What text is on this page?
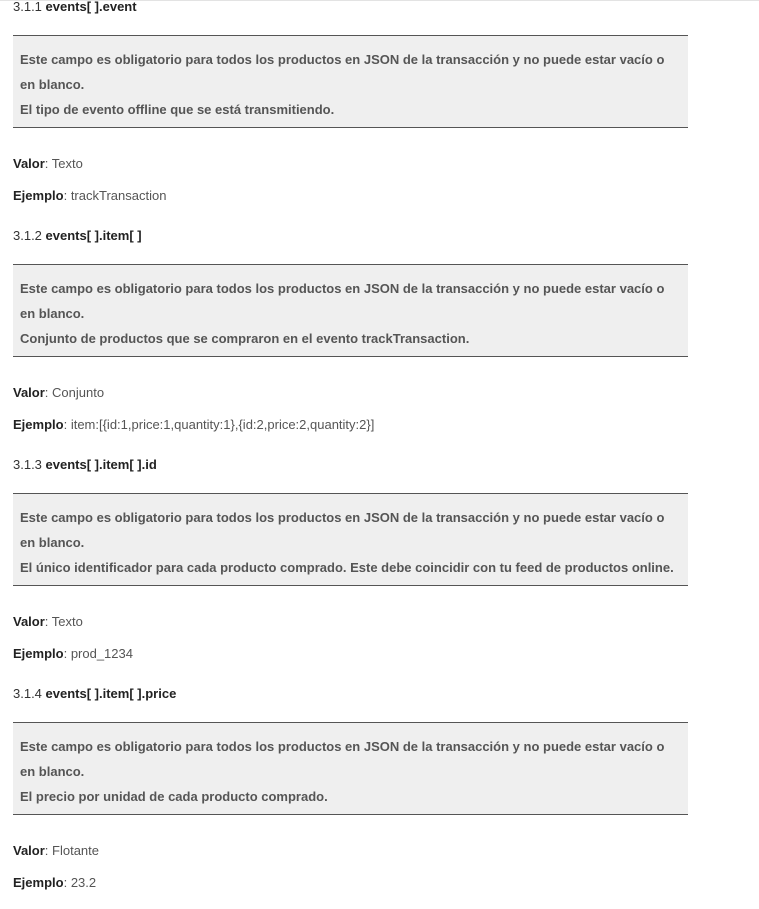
3.1.1 events[ ].event
Este campo es obligatorio para todos los productos en JSON de la transacción y no puede estar vacío o en blanco.
El tipo de evento offline que se está transmitiendo.
Valor: Texto
Ejemplo: trackTransaction
3.1.2 events[ ].item[ ]
Este campo es obligatorio para todos los productos en JSON de la transacción y no puede estar vacío o en blanco.
Conjunto de productos que se compraron en el evento trackTransaction.
Valor: Conjunto
Ejemplo: item:[{id:1,price:1,quantity:1},{id:2,price:2,quantity:2}]
3.1.3 events[ ].item[ ].id
Este campo es obligatorio para todos los productos en JSON de la transacción y no puede estar vacío o en blanco.
El único identificador para cada producto comprado. Este debe coincidir con tu feed de productos online.
Valor: Texto
Ejemplo: prod_1234
3.1.4 events[ ].item[ ].price
Este campo es obligatorio para todos los productos en JSON de la transacción y no puede estar vacío o en blanco.
El precio por unidad de cada producto comprado.
Valor: Flotante
Ejemplo: 23.2
